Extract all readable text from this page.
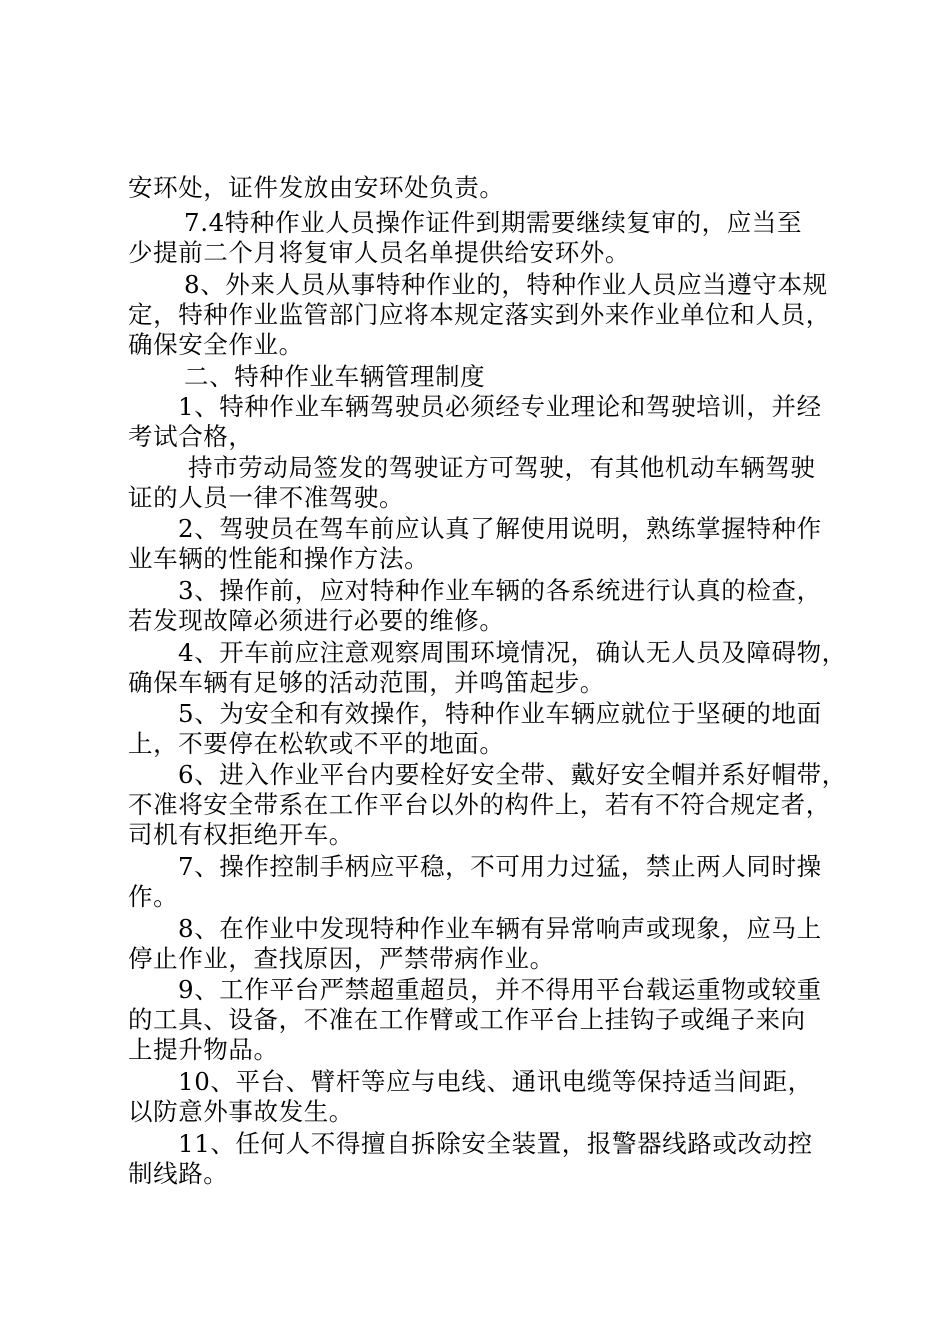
安环处，证件发放由安环处负责。
7.4特种作业人员操作证件到期需要继续复审的，应当至
少提前二个月将复审人员名单提供给安环外。
8、外来人员从事特种作业的，特种作业人员应当遵守本规
定，特种作业监管部门应将本规定落实到外来作业单位和人员，
确保安全作业。
二、特种作业车辆管理制度
1、特种作业车辆驾驶员必须经专业理论和驾驶培训，并经
考试合格，
持市劳动局签发的驾驶证方可驾驶，有其他机动车辆驾驶
证的人员一律不准驾驶。
2、驾驶员在驾车前应认真了解使用说明，熟练掌握特种作
业车辆的性能和操作方法。
3、操作前，应对特种作业车辆的各系统进行认真的检查，
若发现故障必须进行必要的维修。
4、开车前应注意观察周围环境情况，确认无人员及障碍物，
确保车辆有足够的活动范围，并鸣笛起步。
5、为安全和有效操作，特种作业车辆应就位于坚硬的地面
上，不要停在松软或不平的地面。
6、进入作业平台内要栓好安全带、戴好安全帽并系好帽带，
不准将安全带系在工作平台以外的构件上，若有不符合规定者，
司机有权拒绝开车。
7、操作控制手柄应平稳，不可用力过猛，禁止两人同时操
作。
8、在作业中发现特种作业车辆有异常响声或现象，应马上
停止作业，查找原因，严禁带病作业。
9、工作平台严禁超重超员，并不得用平台载运重物或较重
的工具、设备，不准在工作臂或工作平台上挂钩子或绳子来向
上提升物品。
10、平台、臂杆等应与电线、通讯电缆等保持适当间距，
以防意外事故发生。
11、任何人不得擅自拆除安全装置，报警器线路或改动控
制线路。
